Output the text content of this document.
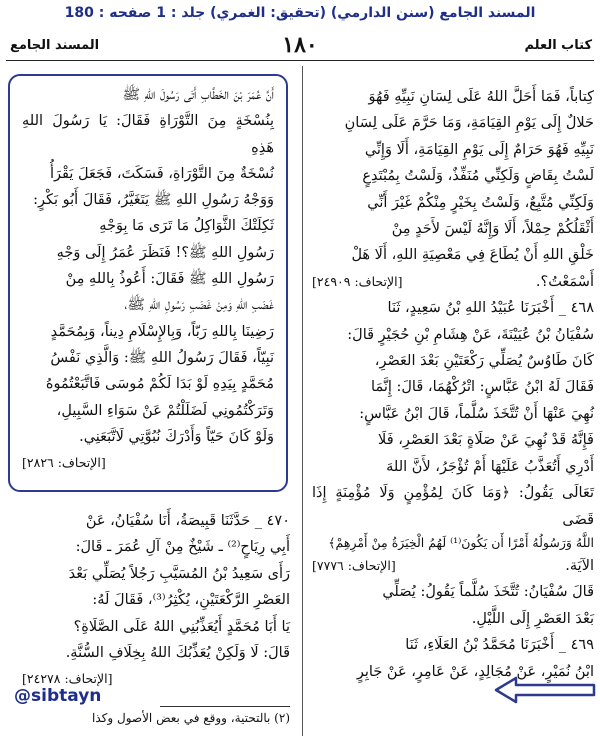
المسند الجامع (سنن الدارمي) (تحقيق: الغمري) جلد : 1 صفحه : 180
كتاب العلم
١٨٠
المسند الجامع

كِتاباً، فَمَا أَحَلَّ اللهُ عَلَى لِسَانِ نَبِيِّهِ فَهُوَ

حَلالٌ إِلَى يَوْمِ القِيَامَةِ، وَمَا حَرَّمَ عَلَى لِسَانِ

نَبِيِّهِ فَهُوَ حَرَامٌ إِلَى يَوْمِ القِيَامَةِ، أَلَا وَإِنِّي

لَسْتُ بِقَاضٍ وَلَكِنِّي مُنَفِّذٌ، وَلَسْتُ بِمُبْتَدِعٍ

وَلَكِنِّي مُتَّبِعٌ، وَلَسْتُ بِخَيْرٍ مِنْكُمْ غَيْرَ أَنِّي

أَثْقَلُكُمْ حِمْلاً، أَلَا وَإِنَّهُ لَيْسَ لأَحَدٍ مِنْ

خَلْقِ اللهِ أَنْ يُطَاعَ فِي مَعْصِيَةِ اللهِ، أَلَا هَلْ

أَسْمَعْتُ؟.
[الإتحاف: ٢٤٩٠٩]

٤٦٨ _ أَخْبَرَنَا عُبَيْدُ اللهِ بْنُ سَعِيدٍ، ثَنَا

سُفْيَانُ بْنُ عُيَيْنَةَ، عَنْ هِشَامِ بْنِ حُجَيْرٍ قَالَ:

كَانَ طَاوُسٌ يُصَلِّي رَكْعَتَيْنِ بَعْدَ العَصْرِ،

فَقَالَ لَهُ ابْنُ عَبَّاسٍ: اتْرُكْهُمَا، قَالَ: إِنَّمَا

نُهِيَ عَنْهَا أَنْ تُتَّخَذَ سُلَّماً، قَالَ ابْنُ عَبَّاسٍ:

فَإِنَّهُ قَدْ نُهِيَ عَنْ صَلَاةٍ بَعْدَ العَصْرِ، فَلَا

أَدْرِي أَتُعَذَّبُ عَلَيْهَا أَمْ تُؤْجَرُ، لأَنَّ اللهَ

تَعَالَى يَقُولُ: ﴿وَمَا كَانَ لِمُؤْمِنٍ وَلَا مُؤْمِنَةٍ إِذَا قَضَى

اللَّهُ وَرَسُولُهُ أَمْرًا أَن يَكُونَ⁽¹⁾ لَهُمُ الْخِيَرَةُ مِنْ أَمْرِهِمْ﴾

الآيَة.
[الإتحاف: ٧٧٧٦]

قَالَ سُفْيَانُ: تُتَّخَذَ سُلَّماً يَقُولُ: يُصَلِّي

بَعْدَ العَصْرِ إِلَى اللَّيْلِ.

٤٦٩ _ أَخْبَرَنَا مُحَمَّدُ بْنُ العَلَاءِ، ثَنَا

ابْنُ نُمَيْرٍ، عَنْ مُجَالِدٍ، عَنْ عَامِرٍ، عَنْ جَابِرٍ

أَنَّ عُمَرَ بْنَ الخَطَّابِ أَتَى رَسُولَ اللهِ ﷺ

بِنُسْخَةٍ مِنَ التَّوْرَاةِ فَقَالَ: يَا رَسُولَ اللهِ هَذِهِ

نُسْخَةٌ مِنَ التَّوْرَاةِ، فَسَكَتَ، فَجَعَلَ يَقْرَأُ

وَوَجْهُ رَسُولِ اللهِ ﷺ يَتَغَيَّرُ، فَقَالَ أَبُو بَكْرٍ:

ثَكِلَتْكَ الثَّوَاكِلُ مَا تَرَى مَا بِوَجْهِ

رَسُولِ اللهِ ﷺ؟! فَنَظَرَ عُمَرُ إِلَى وَجْهِ

رَسُولِ اللهِ ﷺ فَقَالَ: أَعُوذُ بِاللهِ مِنْ

غَضَبِ اللهِ وَمِنْ غَضَبِ رَسُولِ اللهِ ﷺ،

رَضِينَا بِاللهِ رَبّاً، وَبِالإِسْلَامِ دِيناً، وَبِمُحَمَّدٍ

نَبِيّاً، فَقَالَ رَسُولُ اللهِ ﷺ: وَالَّذِي نَفْسُ

مُحَمَّدٍ بِيَدِهِ لَوْ بَدَا لَكُمْ مُوسَى فَاتَّبَعْتُمُوهُ

وَتَرَكْتُمُونِي لَضَلَلْتُمْ عَنْ سَوَاءِ السَّبِيلِ،

وَلَوْ كَانَ حَيّاً وَأَدْرَكَ نُبُوَّتِي لَاتَّبَعَنِي.

[الإتحاف: ٢٨٢٦]

٤٧٠ _ حَدَّثَنَا قَبِيصَةُ، أَنَا سُفْيَانُ، عَنْ

أَبِي رِيَاحٍ⁽²⁾ ـ شَيْخٌ مِنْ آلِ عُمَرَ ـ قَالَ:

رَأَى سَعِيدُ بْنُ المُسَيَّبِ رَجُلاً يُصَلِّي بَعْدَ

العَصْرِ الرَّكْعَتَيْنِ، يُكْثِرُ⁽³⁾، فَقَالَ لَهُ:

يَا أَبَا مُحَمَّدٍ أَيُعَذِّبُنِي اللهُ عَلَى الصَّلَاةِ؟

قَالَ: لَا وَلَكِنْ يُعَذِّبُكَ اللهُ بِخِلَافِ السُّنَّةِ.

[الإتحاف: ٢٤٢٧٨]

@sibtayn
(٢) بالتحتية، ووقع في بعض الأصول وكذا
